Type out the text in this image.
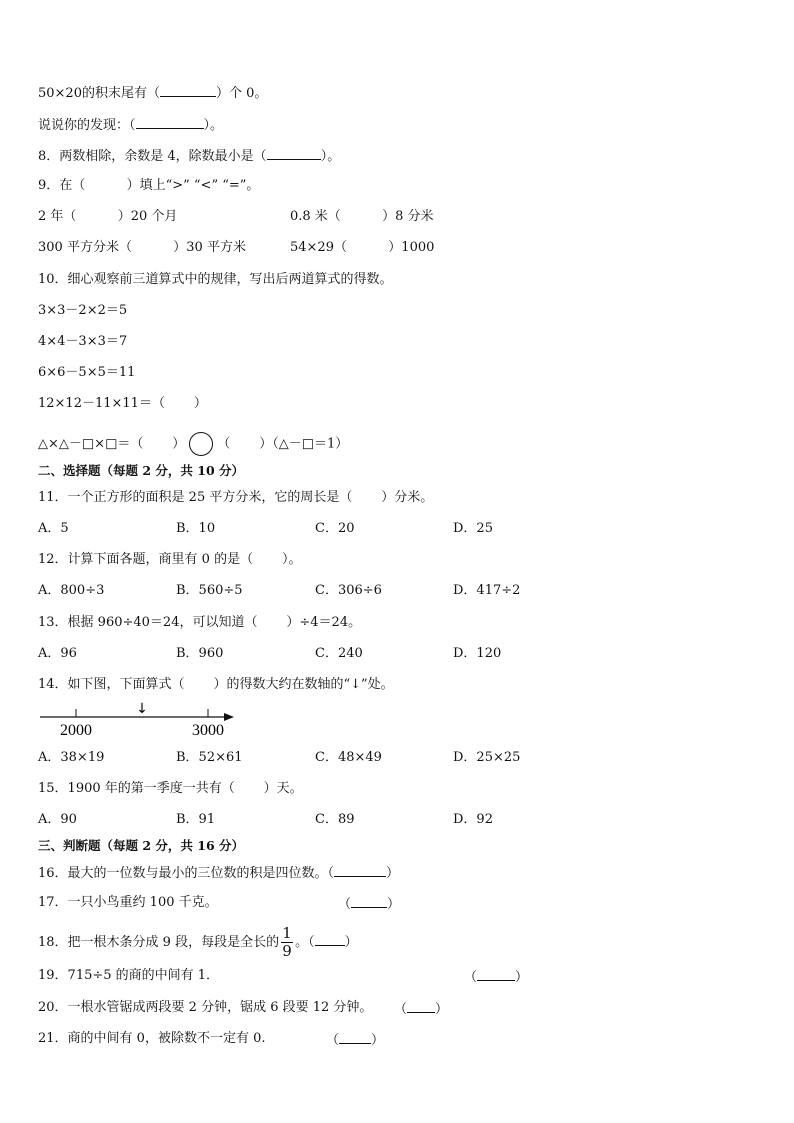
50×20的积末尾有（	）个 0。
说说你的发现：（	）。
8．两数相除，余数是 4，除数最小是（	）。
9．在（          ）填上“>” “<” “=”。
2 年（          ）20 个月	0.8 米（          ）8 分米
300 平方分米（          ）30 平方米	54×29（          ）1000
10．细心观察前三道算式中的规律，写出后两道算式的得数。
3×3－2×2＝5
4×4－3×3＝7
6×6－5×5＝11
12×12－11×11＝（       ）
△×△－□×□＝（       ） （       ）（△－□＝1）
二、选择题（每题 2 分，共 10 分）
11．一个正方形的面积是 25 平方分米，它的周长是（       ）分米。
A．5	B．10	C．20	D．25
12．计算下面各题，商里有 0 的是（       ）。
A．800÷3	B．560÷5	C．306÷6	D．417÷2
13．根据 960÷40＝24，可以知道（       ）÷4＝24。
A．96	B．960	C．240	D．120
14．如下图，下面算式（       ）的得数大约在数轴的“↓”处。
↓
2000	3000
A．38×19	B．52×61	C．48×49	D．25×25
15．1900 年的第一季度一共有（       ）天。
A．90	B．91	C．89	D．92
三、判断题（每题 2 分，共 16 分）
16．最大的一位数与最小的三位数的积是四位数。（	）
17．一只小鸟重约 100 千克。	（	）
18．把一根木条分成 9 段，每段是全长的 $\frac{1}{9}$ 。（ ）
19．715÷5 的商的中间有 1．	（	）
20．一根水管锯成两段要 2 分钟，锯成 6 段要 12 分钟。 （ ）
21．商的中间有 0，被除数不一定有 0.	（ ）
